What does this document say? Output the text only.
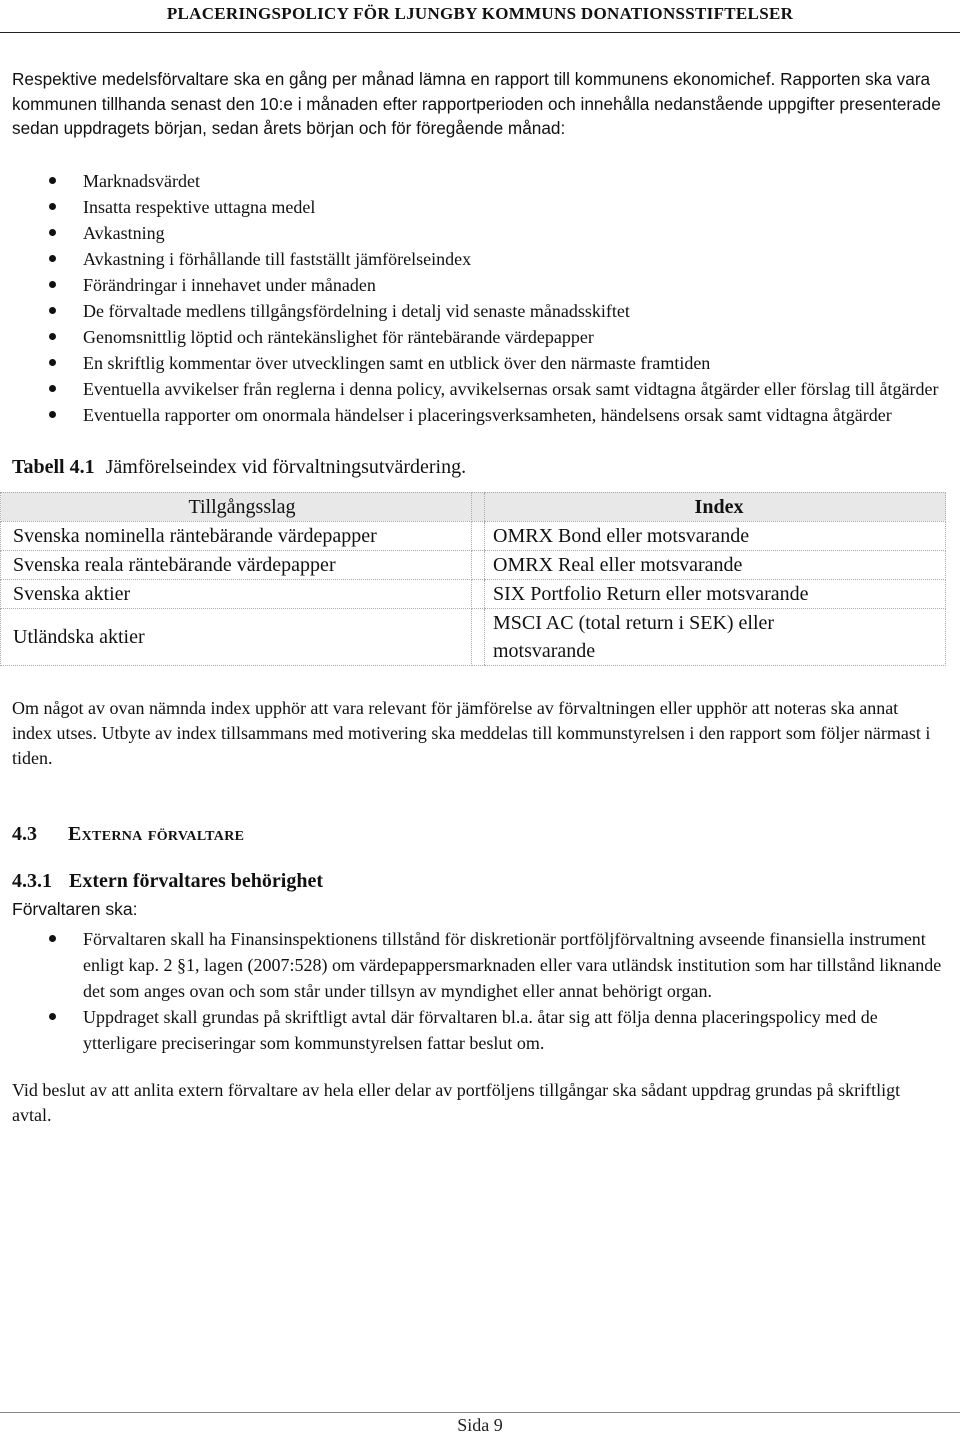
PLACERINGSPOLICY FÖR LJUNGBY KOMMUNS DONATIONSSTIFTELSER

Respektive medelsförvaltare ska en gång per månad lämna en rapport till kommunens ekonomichef. Rapporten ska vara kommunen tillhanda senast den 10:e i månaden efter rapportperioden och innehålla nedanstående uppgifter presenterade sedan uppdragets början, sedan årets början och för föregående månad:

Marknadsvärdet
Insatta respektive uttagna medel
Avkastning
Avkastning i förhållande till fastställt jämförelseindex
Förändringar i innehavet under månaden
De förvaltade medlens tillgångsfördelning i detalj vid senaste månadsskiftet
Genomsnittlig löptid och räntekänslighet för räntebärande värdepapper
En skriftlig kommentar över utvecklingen samt en utblick över den närmaste framtiden
Eventuella avvikelser från reglerna i denna policy, avvikelsernas orsak samt vidtagna åtgärder eller förslag till åtgärder
Eventuella rapporter om onormala händelser i placeringsverksamheten, händelsens orsak samt vidtagna åtgärder

Tabell 4.1 Jämförelseindex vid förvaltningsutvärdering.

Tillgångsslag		Index
Svenska nominella räntebärande värdepapper		OMRX Bond eller motsvarande
Svenska reala räntebärande värdepapper		OMRX Real eller motsvarande
Svenska aktier		SIX Portfolio Return eller motsvarande
Utländska aktier		MSCI AC (total return i SEK) eller motsvarande

Om något av ovan nämnda index upphör att vara relevant för jämförelse av förvaltningen eller upphör att noteras ska annat index utses. Utbyte av index tillsammans med motivering ska meddelas till kommunstyrelsen i den rapport som följer närmast i tiden.

4.3 Externa förvaltare
4.3.1 Extern förvaltares behörighet

Förvaltaren ska:

Förvaltaren skall ha Finansinspektionens tillstånd för diskretionär portföljförvaltning avseende finansiella instrument enligt kap. 2 §1, lagen (2007:528) om värdepappersmarknaden eller vara utländsk institution som har tillstånd liknande det som anges ovan och som står under tillsyn av myndighet eller annat behörigt organ.
Uppdraget skall grundas på skriftligt avtal där förvaltaren bl.a. åtar sig att följa denna placeringspolicy med de ytterligare preciseringar som kommunstyrelsen fattar beslut om.

Vid beslut av att anlita extern förvaltare av hela eller delar av portföljens tillgångar ska sådant uppdrag grundas på skriftligt avtal.

Sida 9
